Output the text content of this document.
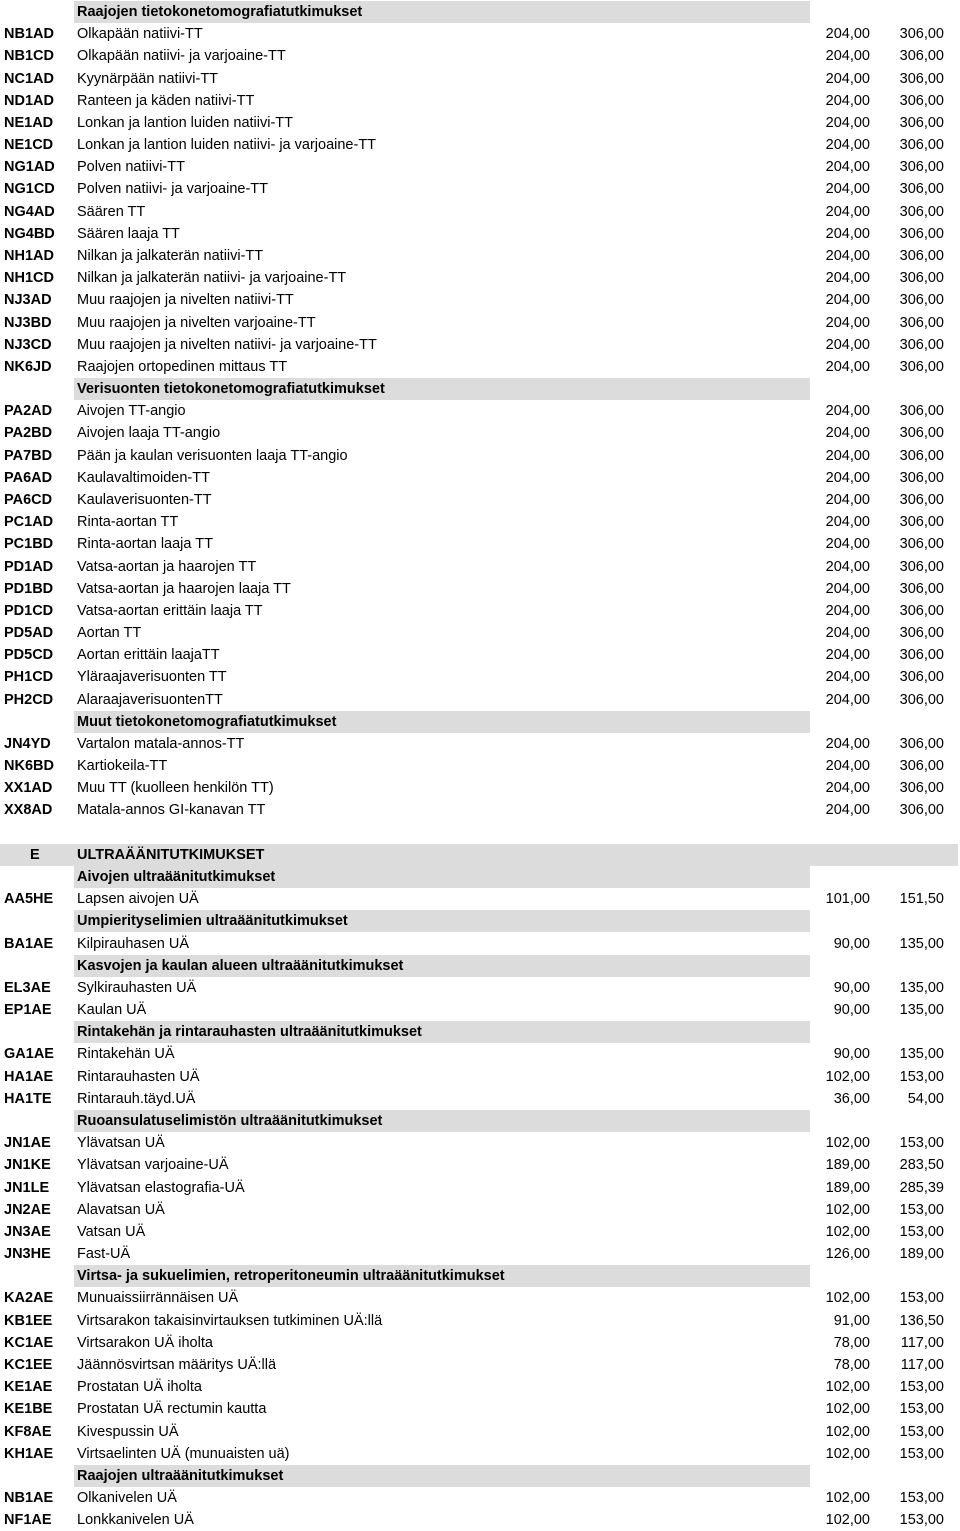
Raajojen tietokonetomografiatutkimukset
NB1AD	Olkapään natiivi-TT	204,00 306,00
NB1CD	Olkapään natiivi- ja varjoaine-TT	204,00 306,00
NC1AD	Kyynärpään natiivi-TT	204,00 306,00
ND1AD	Ranteen ja käden natiivi-TT	204,00 306,00
NE1AD	Lonkan ja lantion luiden natiivi-TT	204,00 306,00
NE1CD	Lonkan ja lantion luiden natiivi- ja varjoaine-TT	204,00 306,00
NG1AD	Polven natiivi-TT	204,00 306,00
NG1CD	Polven natiivi- ja varjoaine-TT	204,00 306,00
NG4AD	Säären TT	204,00 306,00
NG4BD	Säären laaja TT	204,00 306,00
NH1AD	Nilkan ja jalkaterän natiivi-TT	204,00 306,00
NH1CD	Nilkan ja jalkaterän natiivi- ja varjoaine-TT	204,00 306,00
NJ3AD	Muu raajojen ja nivelten natiivi-TT	204,00 306,00
NJ3BD	Muu raajojen ja nivelten varjoaine-TT	204,00 306,00
NJ3CD	Muu raajojen ja nivelten natiivi- ja varjoaine-TT	204,00 306,00
NK6JD	Raajojen ortopedinen mittaus TT	204,00 306,00
Verisuonten tietokonetomografiatutkimukset
PA2AD	Aivojen TT-angio	204,00 306,00
PA2BD	Aivojen laaja TT-angio	204,00 306,00
PA7BD	Pään ja kaulan verisuonten laaja TT-angio	204,00 306,00
PA6AD	Kaulavaltimoiden-TT	204,00 306,00
PA6CD	Kaulaverisuonten-TT	204,00 306,00
PC1AD	Rinta-aortan TT	204,00 306,00
PC1BD	Rinta-aortan laaja TT	204,00 306,00
PD1AD	Vatsa-aortan ja haarojen TT	204,00 306,00
PD1BD	Vatsa-aortan ja haarojen laaja TT	204,00 306,00
PD1CD	Vatsa-aortan erittäin laaja TT	204,00 306,00
PD5AD	Aortan TT	204,00 306,00
PD5CD	Aortan erittäin laajaTT	204,00 306,00
PH1CD	Yläraajaverisuonten TT	204,00 306,00
PH2CD	AlaraajaverisuontenTT	204,00 306,00
Muut tietokonetomografiatutkimukset
JN4YD	Vartalon matala-annos-TT	204,00 306,00
NK6BD	Kartiokeila-TT	204,00 306,00
XX1AD	Muu TT (kuolleen henkilön TT)	204,00 306,00
XX8AD	Matala-annos GI-kanavan TT	204,00 306,00
E	ULTRAÄÄNITUTKIMUKSET
Aivojen ultraäänitutkimukset
AA5HE	Lapsen aivojen UÄ	101,00 151,50
Umpierityselimien ultraäänitutkimukset
BA1AE	Kilpirauhasen UÄ	90,00 135,00
Kasvojen ja kaulan alueen ultraäänitutkimukset
EL3AE	Sylkirauhasten UÄ	90,00 135,00
EP1AE	Kaulan UÄ	90,00 135,00
Rintakehän ja rintarauhasten ultraäänitutkimukset
GA1AE	Rintakehän UÄ	90,00 135,00
HA1AE	Rintarauhasten UÄ	102,00 153,00
HA1TE	Rintarauh.täyd.UÄ	36,00	54,00
Ruoansulatuselimistön ultraäänitutkimukset
JN1AE	Ylävatsan UÄ	102,00 153,00
JN1KE	Ylävatsan varjoaine-UÄ	189,00 283,50
JN1LE	Ylävatsan elastografia-UÄ	189,00 285,39
JN2AE	Alavatsan UÄ	102,00 153,00
JN3AE	Vatsan UÄ	102,00 153,00
JN3HE	Fast-UÄ	126,00 189,00
Virtsa- ja sukuelimien, retroperitoneumin ultraäänitutkimukset
KA2AE	Munuaissiirrännäisen UÄ	102,00 153,00
KB1EE	Virtsarakon takaisinvirtauksen tutkiminen UÄ:llä	91,00 136,50
KC1AE	Virtsarakon UÄ iholta	78,00 117,00
KC1EE	Jäännösvirtsan määritys UÄ:llä	78,00 117,00
KE1AE	Prostatan UÄ iholta	102,00 153,00
KE1BE	Prostatan UÄ rectumin kautta	102,00 153,00
KF8AE	Kivespussin UÄ	102,00 153,00
KH1AE	Virtsaelinten UÄ (munuaisten uä)	102,00 153,00
Raajojen ultraäänitutkimukset
NB1AE	Olkanivelen UÄ	102,00 153,00
NF1AE	Lonkkanivelen UÄ	102,00 153,00
